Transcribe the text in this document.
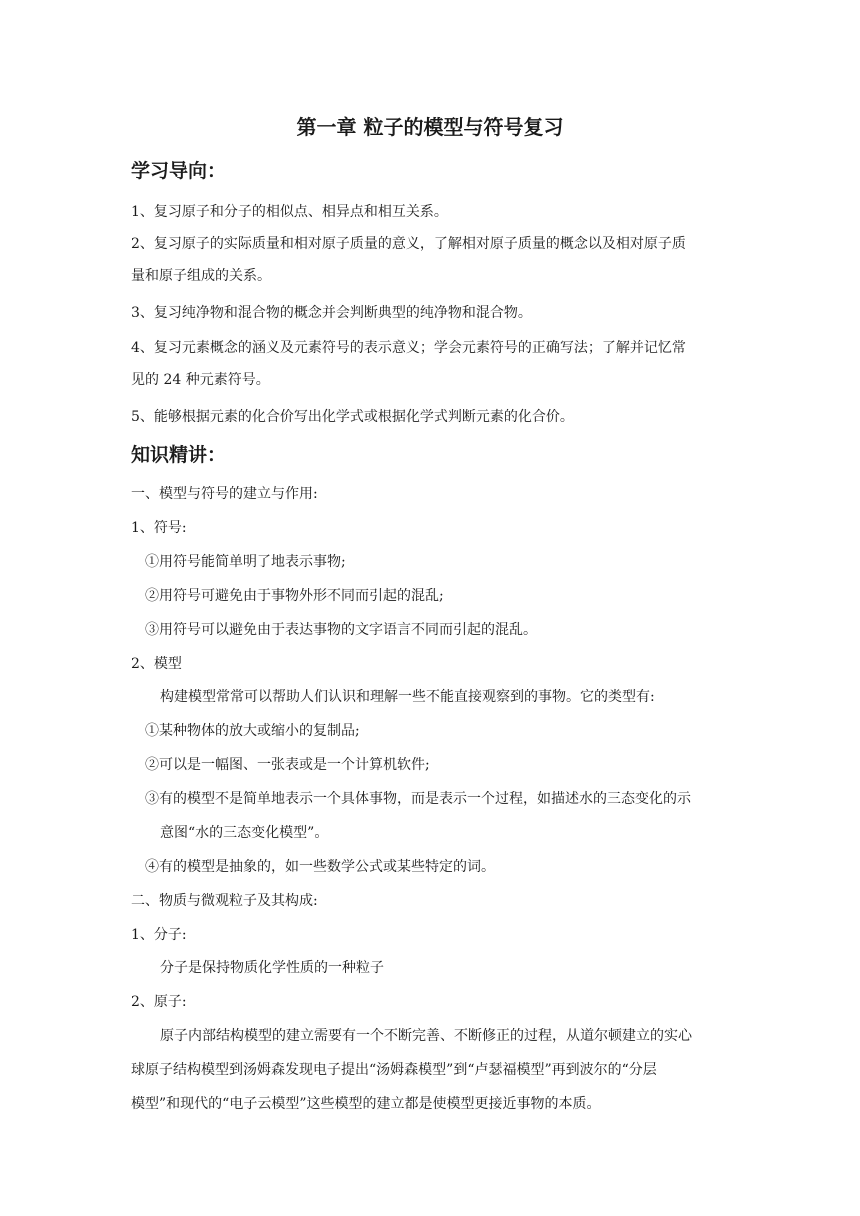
第一章 粒子的模型与符号复习
学习导向：
1、复习原子和分子的相似点、相异点和相互关系。
2、复习原子的实际质量和相对原子质量的意义，了解相对原子质量的概念以及相对原子质
量和原子组成的关系。
3、复习纯净物和混合物的概念并会判断典型的纯净物和混合物。
4、复习元素概念的涵义及元素符号的表示意义；学会元素符号的正确写法；了解并记忆常
见的 24 种元素符号。
5、能够根据元素的化合价写出化学式或根据化学式判断元素的化合价。
知识精讲：
一、模型与符号的建立与作用:
1、符号:
①用符号能简单明了地表示事物;
②用符号可避免由于事物外形不同而引起的混乱;
③用符号可以避免由于表达事物的文字语言不同而引起的混乱。
2、模型
构建模型常常可以帮助人们认识和理解一些不能直接观察到的事物。它的类型有:
①某种物体的放大或缩小的复制品;
②可以是一幅图、一张表或是一个计算机软件;
③有的模型不是简单地表示一个具体事物，而是表示一个过程，如描述水的三态变化的示
意图“水的三态变化模型”。
④有的模型是抽象的，如一些数学公式或某些特定的词。
二、物质与微观粒子及其构成:
1、分子:
分子是保持物质化学性质的一种粒子
2、原子:
原子内部结构模型的建立需要有一个不断完善、不断修正的过程，从道尔顿建立的实心
球原子结构模型到汤姆森发现电子提出“汤姆森模型”到“卢瑟福模型”再到波尔的“分层
模型”和现代的“电子云模型”这些模型的建立都是使模型更接近事物的本质。
